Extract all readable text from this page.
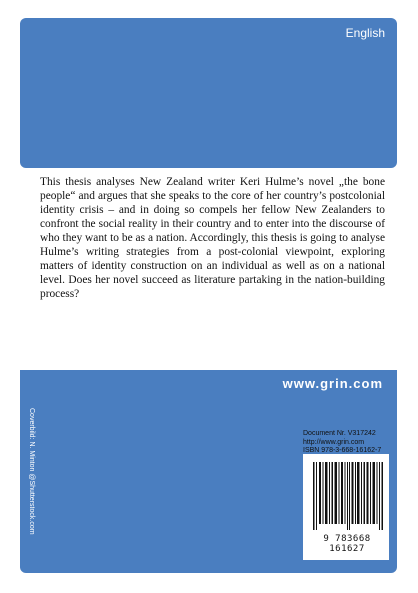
English

This thesis analyses New Zealand writer Keri Hulme’s novel „the bone people“ and argues that she speaks to the core of her country’s postcolonial identity crisis – and in doing so compels her fellow New Zealanders to confront the social reality in their country and to enter into the discourse of who they want to be as a nation. Accordingly, this thesis is going to analyse Hulme’s writing strategies from a post-colonial viewpoint, exploring matters of identity construction on an individual as well as on a national level. Does her novel succeed as literature partaking in the nation-building process?

www.grin.com
Coverbild: N. Minton @Shutterstock.com	Document Nr. V317242
http://www.grin.com
ISBN 978-3-668-16162-7
9 783668 161627
